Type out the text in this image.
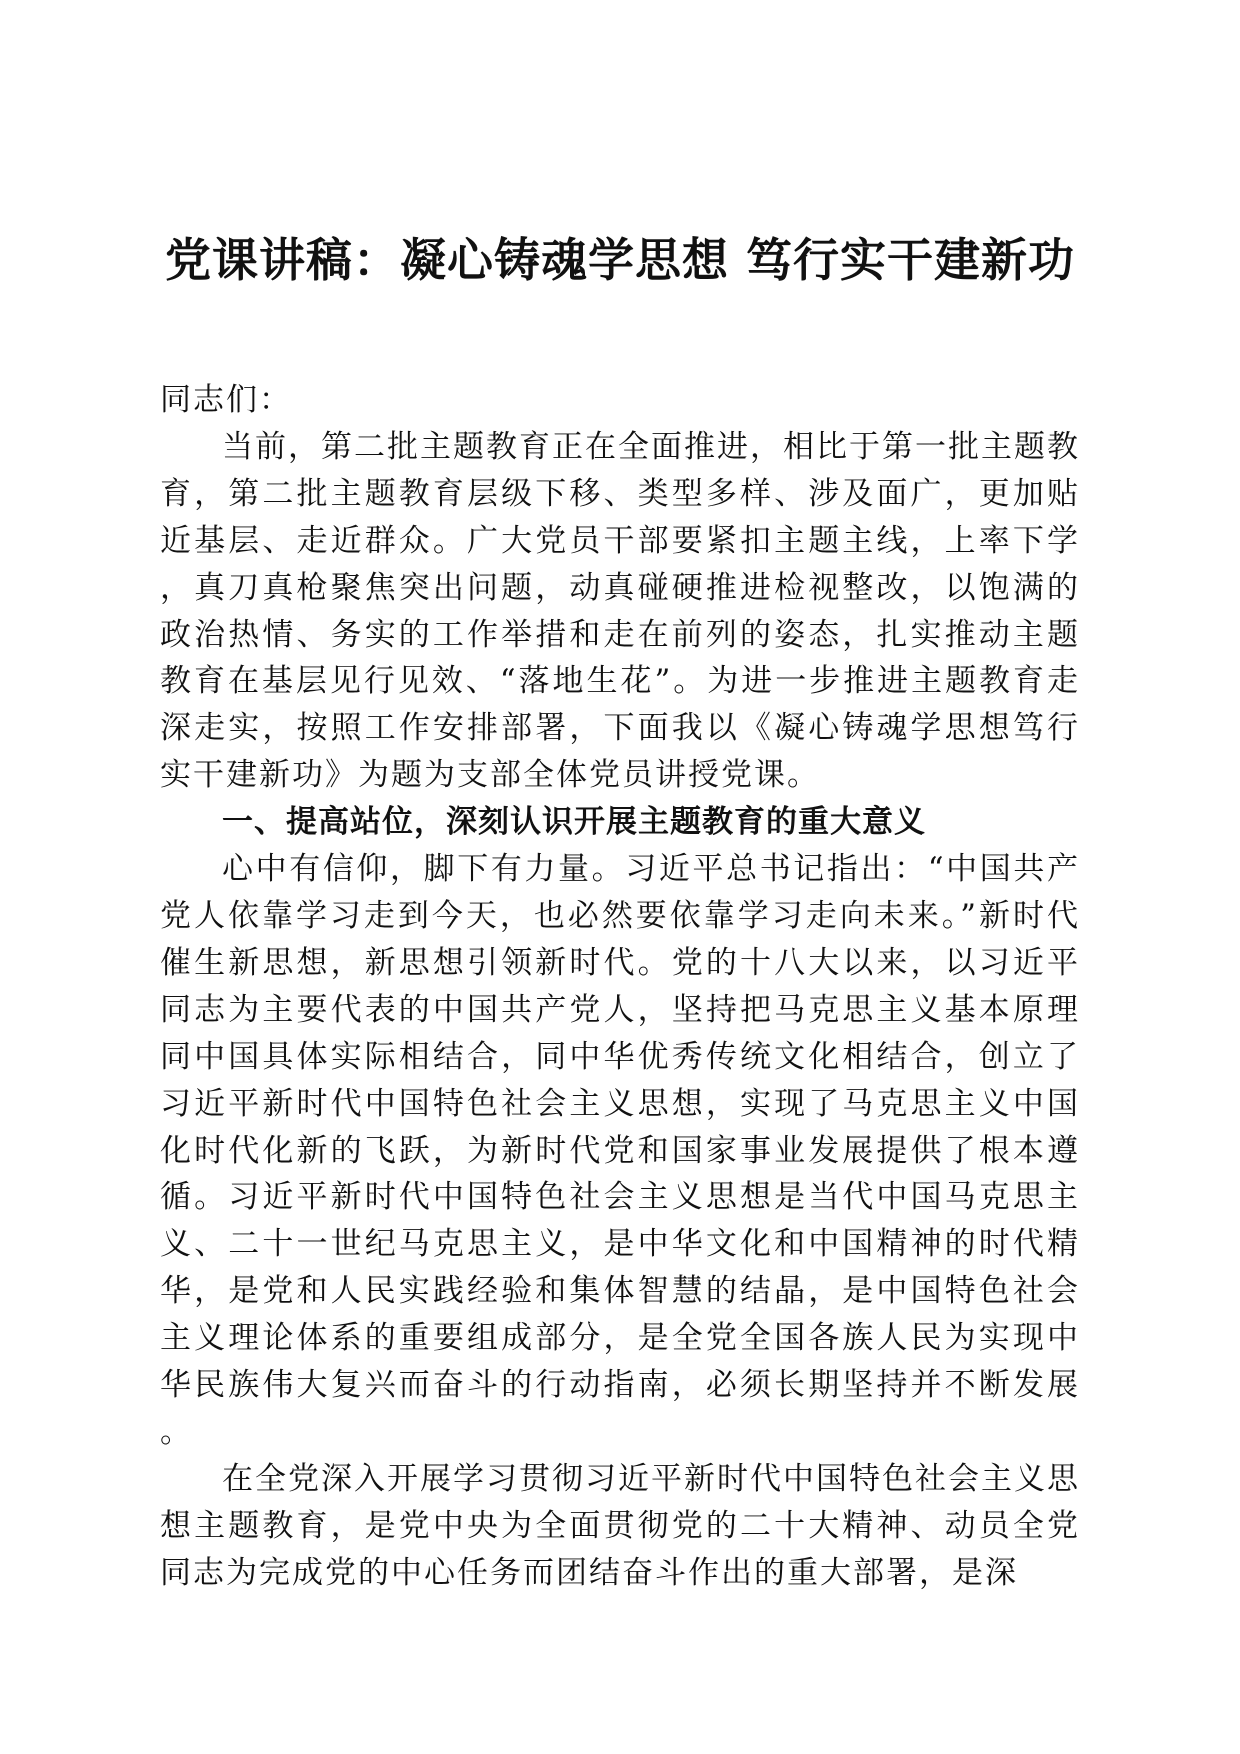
党课讲稿：凝心铸魂学思想 笃行实干建新功

同志们：

当前，第二批主题教育正在全面推进，相比于第一批主题教育，第二批主题教育层级下移、类型多样、涉及面广，更加贴近基层、走近群众。广大党员干部要紧扣主题主线，上率下学，真刀真枪聚焦突出问题，动真碰硬推进检视整改，以饱满的政治热情、务实的工作举措和走在前列的姿态，扎实推动主题教育在基层见行见效、“落地生花”。为进一步推进主题教育走深走实，按照工作安排部署，下面我以《凝心铸魂学思想笃行实干建新功》为题为支部全体党员讲授党课。

一、提高站位，深刻认识开展主题教育的重大意义

心中有信仰，脚下有力量。习近平总书记指出：“中国共产党人依靠学习走到今天，也必然要依靠学习走向未来。”新时代催生新思想，新思想引领新时代。党的十八大以来，以习近平同志为主要代表的中国共产党人，坚持把马克思主义基本原理同中国具体实际相结合，同中华优秀传统文化相结合，创立了习近平新时代中国特色社会主义思想，实现了马克思主义中国化时代化新的飞跃，为新时代党和国家事业发展提供了根本遵循。习近平新时代中国特色社会主义思想是当代中国马克思主义、二十一世纪马克思主义，是中华文化和中国精神的时代精华，是党和人民实践经验和集体智慧的结晶，是中国特色社会主义理论体系的重要组成部分，是全党全国各族人民为实现中华民族伟大复兴而奋斗的行动指南，必须长期坚持并不断发展。

在全党深入开展学习贯彻习近平新时代中国特色社会主义思想主题教育，是党中央为全面贯彻党的二十大精神、动员全党同志为完成党的中心任务而团结奋斗作出的重大部署，是深
